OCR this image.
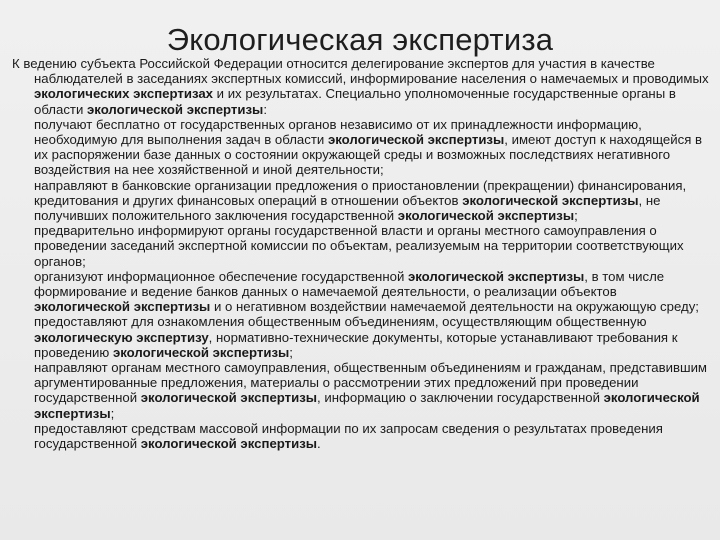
Экологическая экспертиза

К ведению субъекта Российской Федерации относится делегирование экспертов для участия в качестве наблюдателей в заседаниях экспертных комиссий, информирование населения о намечаемых и проводимых экологических экспертизах и их результатах. Специально уполномоченные государственные органы в области экологической экспертизы:

получают бесплатно от государственных органов независимо от их принадлежности информацию, необходимую для выполнения задач в области экологической экспертизы, имеют доступ к находящейся в их распоряжении базе данных о состоянии окружающей среды и возможных последствиях негативного воздействия на нее хозяйственной и иной деятельности;

направляют в банковские организации предложения о приостановлении (прекращении) финансирования, кредитования и других финансовых операций в отношении объектов экологической экспертизы, не получивших положительного заключения государственной экологической экспертизы;

предварительно информируют органы государственной власти и органы местного самоуправления о проведении заседаний экспертной комиссии по объектам, реализуемым на территории соответствующих органов;

организуют информационное обеспечение государственной экологической экспертизы, в том числе формирование и ведение банков данных о намечаемой деятельности, о реализации объектов экологической экспертизы и о негативном воздействии намечаемой деятельности на окружающую среду;

предоставляют для ознакомления общественным объединениям, осуществляющим общественную экологическую экспертизу, нормативно-технические документы, которые устанавливают требования к проведению экологической экспертизы;

направляют органам местного самоуправления, общественным объединениям и гражданам, представившим аргументированные предложения, материалы о рассмотрении этих предложений при проведении государственной экологической экспертизы, информацию о заключении государственной экологической экспертизы;

предоставляют средствам массовой информации по их запросам сведения о результатах проведения государственной экологической экспертизы.
